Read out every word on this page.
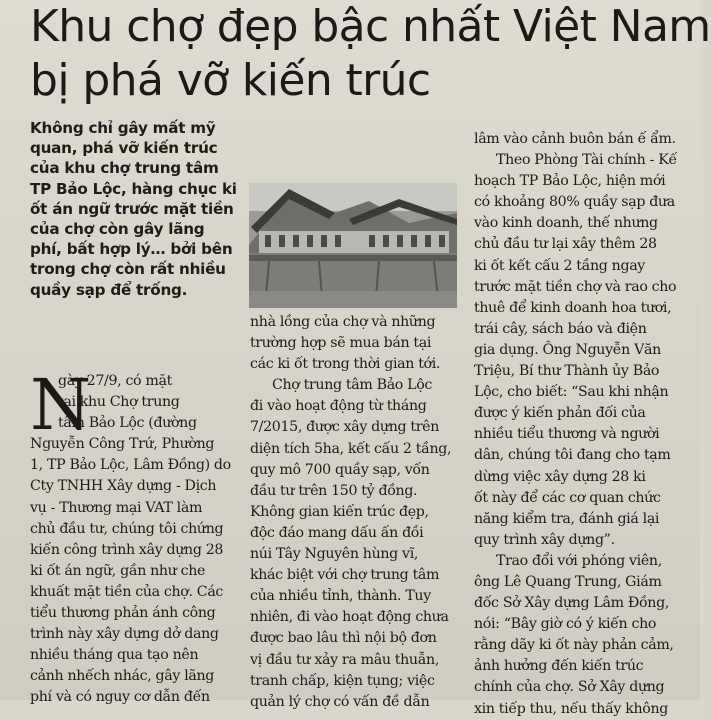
Khu chợ đẹp bậc nhất Việt Nam
bị phá vỡ kiến trúc
Không chỉ gây mất mỹ
quan, phá vỡ kiến trúc
của khu chợ trung tâm
TP Bảo Lộc, hàng chục ki
ốt án ngữ trước mặt tiền
của chợ còn gây lãng
phí, bất hợp lý… bởi bên
trong chợ còn rất nhiều
quầy sạp để trống.
N
gày 27/9, có mặt
tại khu Chợ trung
tâm Bảo Lộc (đường
Nguyễn Công Trứ, Phường
1, TP Bảo Lộc, Lâm Đồng) do
Cty TNHH Xây dựng - Dịch
vụ - Thương mại VAT làm
chủ đầu tư, chúng tôi chứng
kiến công trình xây dựng 28
ki ốt án ngữ, gần như che
khuất mặt tiền của chợ. Các
tiểu thương phản ánh công
trình này xây dựng dở dang
nhiều tháng qua tạo nên
cảnh nhếch nhác, gây lãng
phí và có nguy cơ dẫn đến
nhà lồng của chợ và những
trường hợp sẽ mua bán tại
các ki ốt trong thời gian tới.
Chợ trung tâm Bảo Lộc
đi vào hoạt động từ tháng
7/2015, được xây dựng trên
diện tích 5ha, kết cấu 2 tầng,
quy mô 700 quầy sạp, vốn
đầu tư trên 150 tỷ đồng.
Không gian kiến trúc đẹp,
độc đáo mang dấu ấn đồi
núi Tây Nguyên hùng vĩ,
khác biệt với chợ trung tâm
của nhiều tỉnh, thành. Tuy
nhiên, đi vào hoạt động chưa
được bao lâu thì nội bộ đơn
vị đầu tư xảy ra mâu thuẫn,
tranh chấp, kiện tụng; việc
quản lý chợ có vấn đề dẫn
lâm vào cảnh buôn bán ế ẩm.
Theo Phòng Tài chính - Kế
hoạch TP Bảo Lộc, hiện mới
có khoảng 80% quầy sạp đưa
vào kinh doanh, thế nhưng
chủ đầu tư lại xây thêm 28
ki ốt kết cấu 2 tầng ngay
trước mặt tiền chợ và rao cho
thuê để kinh doanh hoa tươi,
trái cây, sách báo và điện
gia dụng. Ông Nguyễn Văn
Triệu, Bí thư Thành ủy Bảo
Lộc, cho biết: “Sau khi nhận
được ý kiến phản đối của
nhiều tiểu thương và người
dân, chúng tôi đang cho tạm
dừng việc xây dựng 28 ki
ốt này để các cơ quan chức
năng kiểm tra, đánh giá lại
quy trình xây dựng”.
Trao đổi với phóng viên,
ông Lê Quang Trung, Giám
đốc Sở Xây dựng Lâm Đồng,
nói: “Bây giờ có ý kiến cho
rằng dãy ki ốt này phản cảm,
ảnh hưởng đến kiến trúc
chính của chợ. Sở Xây dựng
xin tiếp thu, nếu thấy không
